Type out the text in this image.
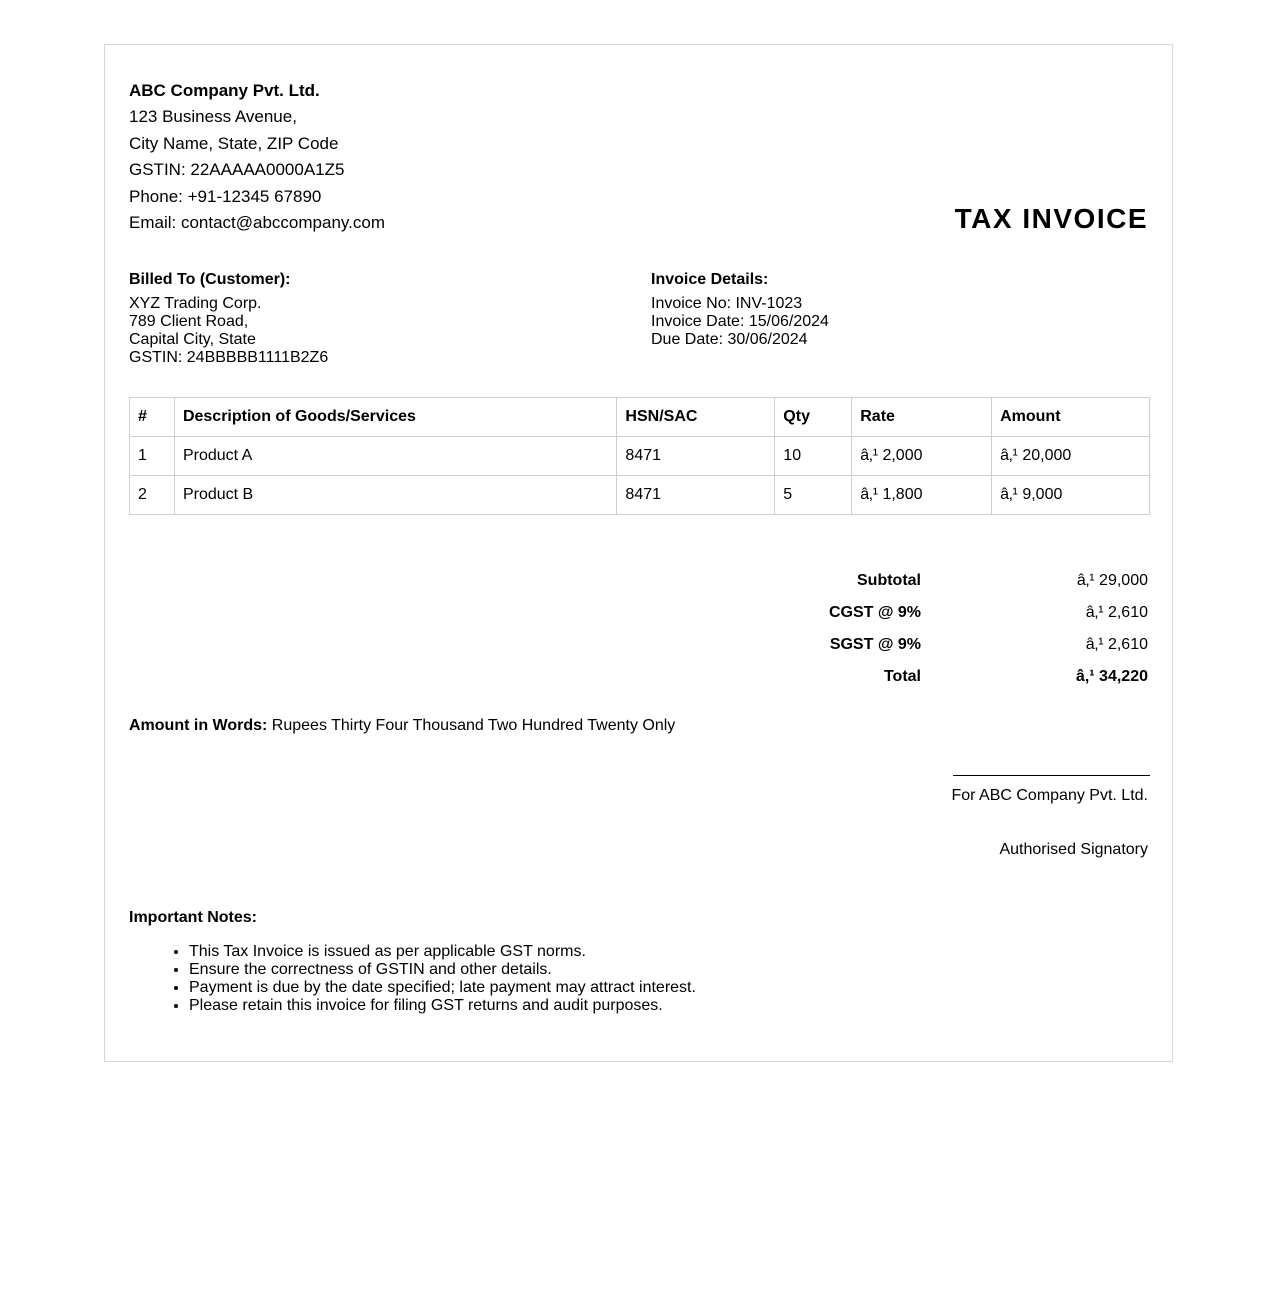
ABC Company Pvt. Ltd.
123 Business Avenue,
City Name, State, ZIP Code
GSTIN: 22AAAAA0000A1Z5
Phone: +91-12345 67890
Email: contact@abccompany.com	TAX INVOICE
Billed To (Customer):
XYZ Trading Corp.
789 Client Road,
Capital City, State
GSTIN: 24BBBBB1111B2Z6
Invoice Details:
Invoice No: INV-1023
Invoice Date: 15/06/2024
Due Date: 30/06/2024
#	Description of Goods/Services	HSN/SAC	Qty	Rate	Amount
1	Product A	8471	10	â‚¹ 2,000	â‚¹ 20,000
2	Product B	8471	5	â‚¹ 1,800	â‚¹ 9,000
Subtotal	â‚¹ 29,000
CGST @ 9%	â‚¹ 2,610
SGST @ 9%	â‚¹ 2,610
Total	â‚¹ 34,220
Amount in Words: Rupees Thirty Four Thousand Two Hundred Twenty Only
For ABC Company Pvt. Ltd.
Authorised Signatory
Important Notes:
• This Tax Invoice is issued as per applicable GST norms.
• Ensure the correctness of GSTIN and other details.
• Payment is due by the date specified; late payment may attract interest.
• Please retain this invoice for filing GST returns and audit purposes.
